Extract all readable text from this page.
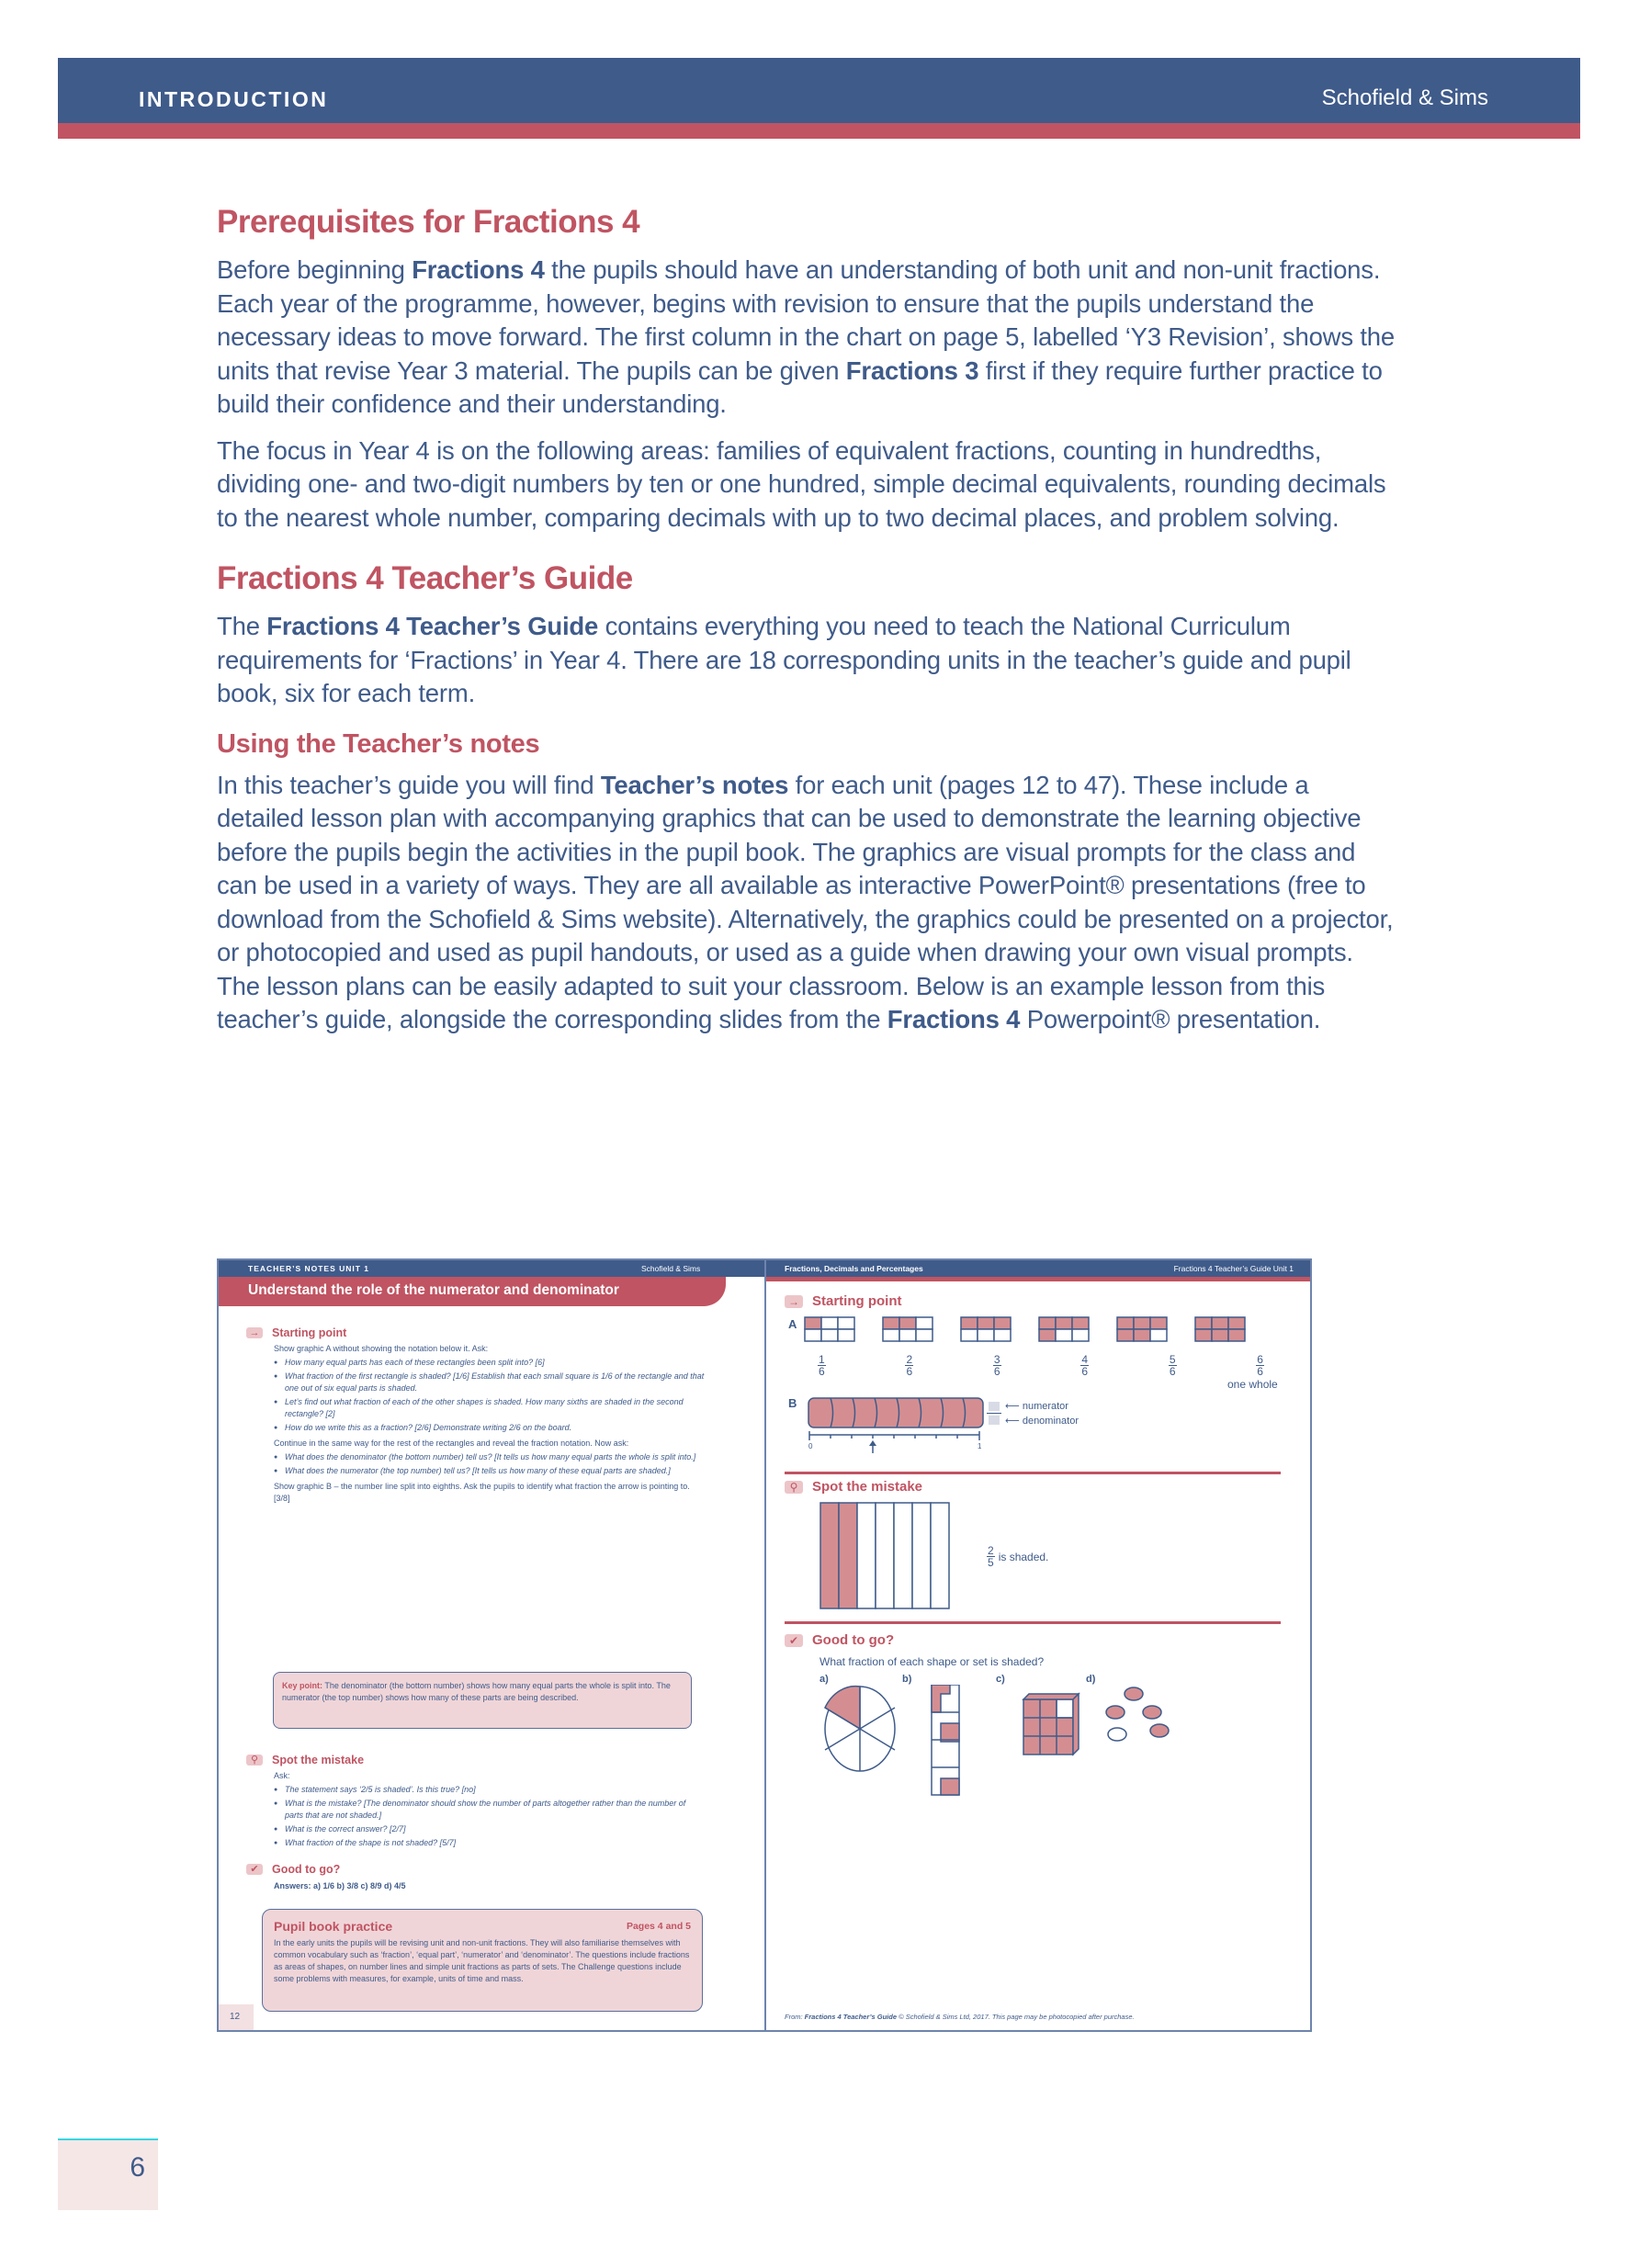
INTRODUCTION	Schofield & Sims
Prerequisites for Fractions 4

Before beginning Fractions 4 the pupils should have an understanding of both unit and non-unit fractions. Each year of the programme, however, begins with revision to ensure that the pupils understand the necessary ideas to move forward. The first column in the chart on page 5, labelled ‘Y3 Revision’, shows the units that revise Year 3 material. The pupils can be given Fractions 3 first if they require further practice to build their confidence and their understanding.

The focus in Year 4 is on the following areas: families of equivalent fractions, counting in hundredths, dividing one- and two-digit numbers by ten or one hundred, simple decimal equivalents, rounding decimals to the nearest whole number, comparing decimals with up to two decimal places, and problem solving.

Fractions 4 Teacher’s Guide

The Fractions 4 Teacher’s Guide contains everything you need to teach the National Curriculum requirements for ‘Fractions’ in Year 4. There are 18 corresponding units in the teacher’s guide and pupil book, six for each term.

Using the Teacher’s notes

In this teacher’s guide you will find Teacher’s notes for each unit (pages 12 to 47). These include a detailed lesson plan with accompanying graphics that can be used to demonstrate the learning objective before the pupils begin the activities in the pupil book. The graphics are visual prompts for the class and can be used in a variety of ways. They are all available as interactive PowerPoint® presentations (free to download from the Schofield & Sims website). Alternatively, the graphics could be presented on a projector, or photocopied and used as pupil handouts, or used as a guide when drawing your own visual prompts. The lesson plans can be easily adapted to suit your classroom. Below is an example lesson from this teacher’s guide, alongside the corresponding slides from the Fractions 4 Powerpoint® presentation.

TEACHER’S NOTES UNIT 1	Schofield & Sims
Understand the role of the numerator and denominator
→ Starting point
Show graphic A without showing the notation below it. Ask:
● How many equal parts has each of these rectangles been split into? [6]
● What fraction of the first rectangle is shaded? [1/6] Establish that each small square is 1/6 of the rectangle and that one out of six equal parts is shaded.
● Let’s find out what fraction of each of the other shapes is shaded. How many sixths are shaded in the second rectangle? [2]
● How do we write this as a fraction? [2/6] Demonstrate writing 2/6 on the board.
Continue in the same way for the rest of the rectangles and reveal the fraction notation. Now ask:
● What does the denominator (the bottom number) tell us? [It tells us how many equal parts the whole is split into.]
● What does the numerator (the top number) tell us? [It tells us how many of these equal parts are shaded.]
Show graphic B – the number line split into eighths. Ask the pupils to identify what fraction the arrow is pointing to. [3/8]
Key point: The denominator (the bottom number) shows how many equal parts the whole is split into. The numerator (the top number) shows how many of these parts are being described.
⚲	Spot the mistake
Ask:
● The statement says ‘2/5 is shaded’. Is this true? [no]
● What is the mistake? [The denominator should show the number of parts altogether rather than the number of parts that are not shaded.]
● What is the correct answer? [2/7]
● What fraction of the shape is not shaded? [5/7]
✔	Good to go?
Answers: a) 1/6 b) 3/8 c) 8/9 d) 4/5
Pupil book practice	Pages 4 and 5
In the early units the pupils will be revising unit and non-unit fractions. They will also familiarise themselves with common vocabulary such as ‘fraction’, ‘equal part’, ‘numerator’ and ‘denominator’. The questions include fractions as areas of shapes, on number lines and simple unit fractions as parts of sets. The Challenge questions include some problems with measures, for example, units of time and mass.
12
Fractions, Decimals and Percentages	Fractions 4 Teacher’s Guide Unit 1
→ Starting point
A
$\frac{1}{6}$	$\frac{2}{6}$	$\frac{3}{6}$	$\frac{4}{6}$	$\frac{5}{6}$	$\frac{6}{6}$
one whole
B
0	1
⟵ numerator
⟵ denominator
⚲	Spot the mistake
$\frac{2}{5}$ is shaded.
✔ Good to go?
What fraction of each shape or set is shaded?
a)	b)	c)	d)
From: Fractions 4 Teacher’s Guide © Schofield & Sims Ltd, 2017. This page may be photocopied after purchase.
6
